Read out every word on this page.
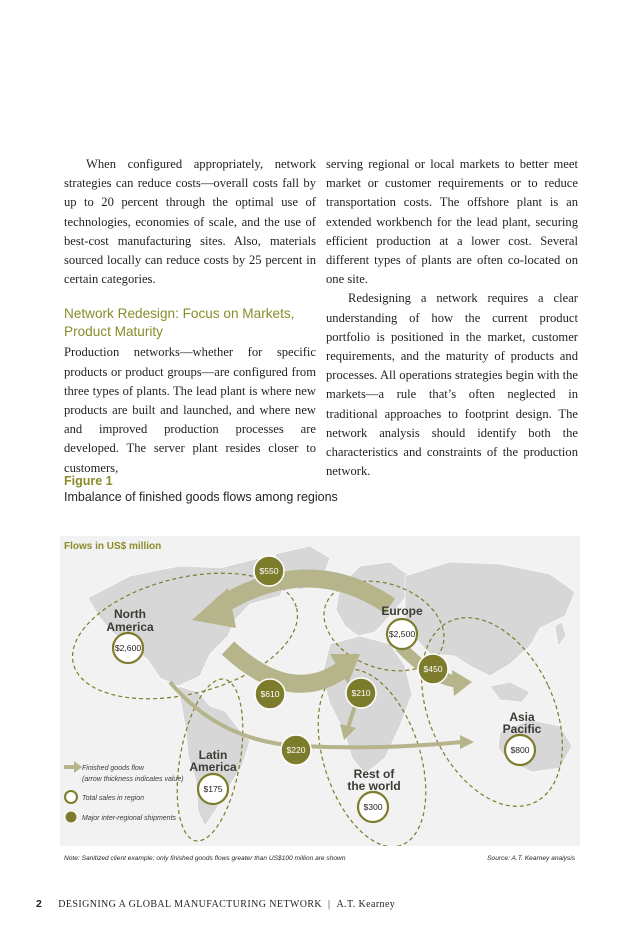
When configured appropriately, network strategies can reduce costs—overall costs fall by up to 20 percent through the optimal use of technologies, economies of scale, and the use of best-cost manufacturing sites. Also, materials sourced locally can reduce costs by 25 percent in certain categories.

Network Redesign: Focus on Markets, Product Maturity

Production networks—whether for specific products or product groups—are configured from three types of plants. The lead plant is where new products are built and launched, and where new and improved production processes are developed. The server plant resides closer to customers,

serving regional or local markets to better meet market or customer requirements or to reduce transportation costs. The offshore plant is an extended workbench for the lead plant, securing efficient production at a lower cost. Several different types of plants are often co-located on one site.

Redesigning a network requires a clear understanding of how the current product portfolio is positioned in the market, customer requirements, and the maturity of products and processes. All operations strategies begin with the markets—a rule that’s often neglected in traditional approaches to footprint design. The network analysis should identify both the characteristics and constraints of the production network.

Figure 1
Imbalance of finished goods flows among regions
$550
$610
$450
$210
$220
$2,600
$2,500
$800
$175
$300
North
America
Europe
Asia
Pacific
Latin
America	Rest of
the world
Finished goods flow
(arrow thickness indicates value)
Total sales in region
Major inter-regional shipments
Flows in US$ million
Note: Sanitized client example; only finished goods flows greater than US$100 million are shown	Source: A.T. Kearney analysis
2 DESIGNING A GLOBAL MANUFACTURING NETWORK | A.T. Kearney
